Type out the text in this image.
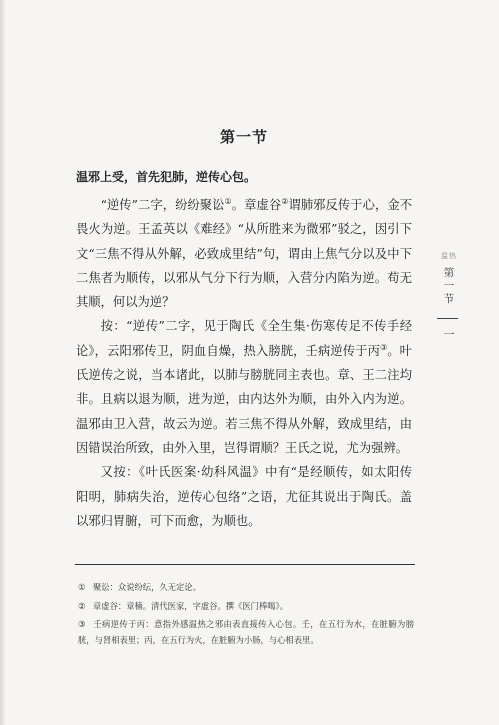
第一节
温邪上受，首先犯肺，逆传心包。

“逆传”二字，纷纷聚讼①。章虚谷②谓肺邪反传于心，金不畏火为逆。王孟英以《难经》“从所胜来为微邪”驳之，因引下文“三焦不得从外解，必致成里结”句，谓由上焦气分以及中下二焦者为顺传，以邪从气分下行为顺，入营分内陷为逆。苟无其顺，何以为逆？

按：“逆传”二字，见于陶氏《全生集·伤寒传足不传手经论》，云阳邪传卫，阴血自燥，热入膀胱，壬病逆传于丙③。叶氏逆传之说，当本诸此，以肺与膀胱同主表也。章、王二注均非。且病以退为顺，进为逆，由内达外为顺，由外入内为逆。温邪由卫入营，故云为逆。若三焦不得从外解，致成里结，由因错误治所致，由外入里，岂得谓顺？王氏之说，尤为强辨。

又按：《叶氏医案·幼科风温》中有“是经顺传，如太阳传阳明，肺病失治，逆传心包络”之语，尤征其说出于陶氏。盖以邪归胃腑，可下而愈，为顺也。

① 聚讼：众说纷纭，久无定论。
② 章虚谷：章楠。清代医家，字虚谷。撰《医门棒喝》。
③ 壬病逆传于丙：意指外感温热之邪由表直接传入心包。壬，在五行为水，在脏腑为膀胱，与肾相表里；丙，在五行为火，在脏腑为小肠，与心相表里。
温热
第
一
节
一
